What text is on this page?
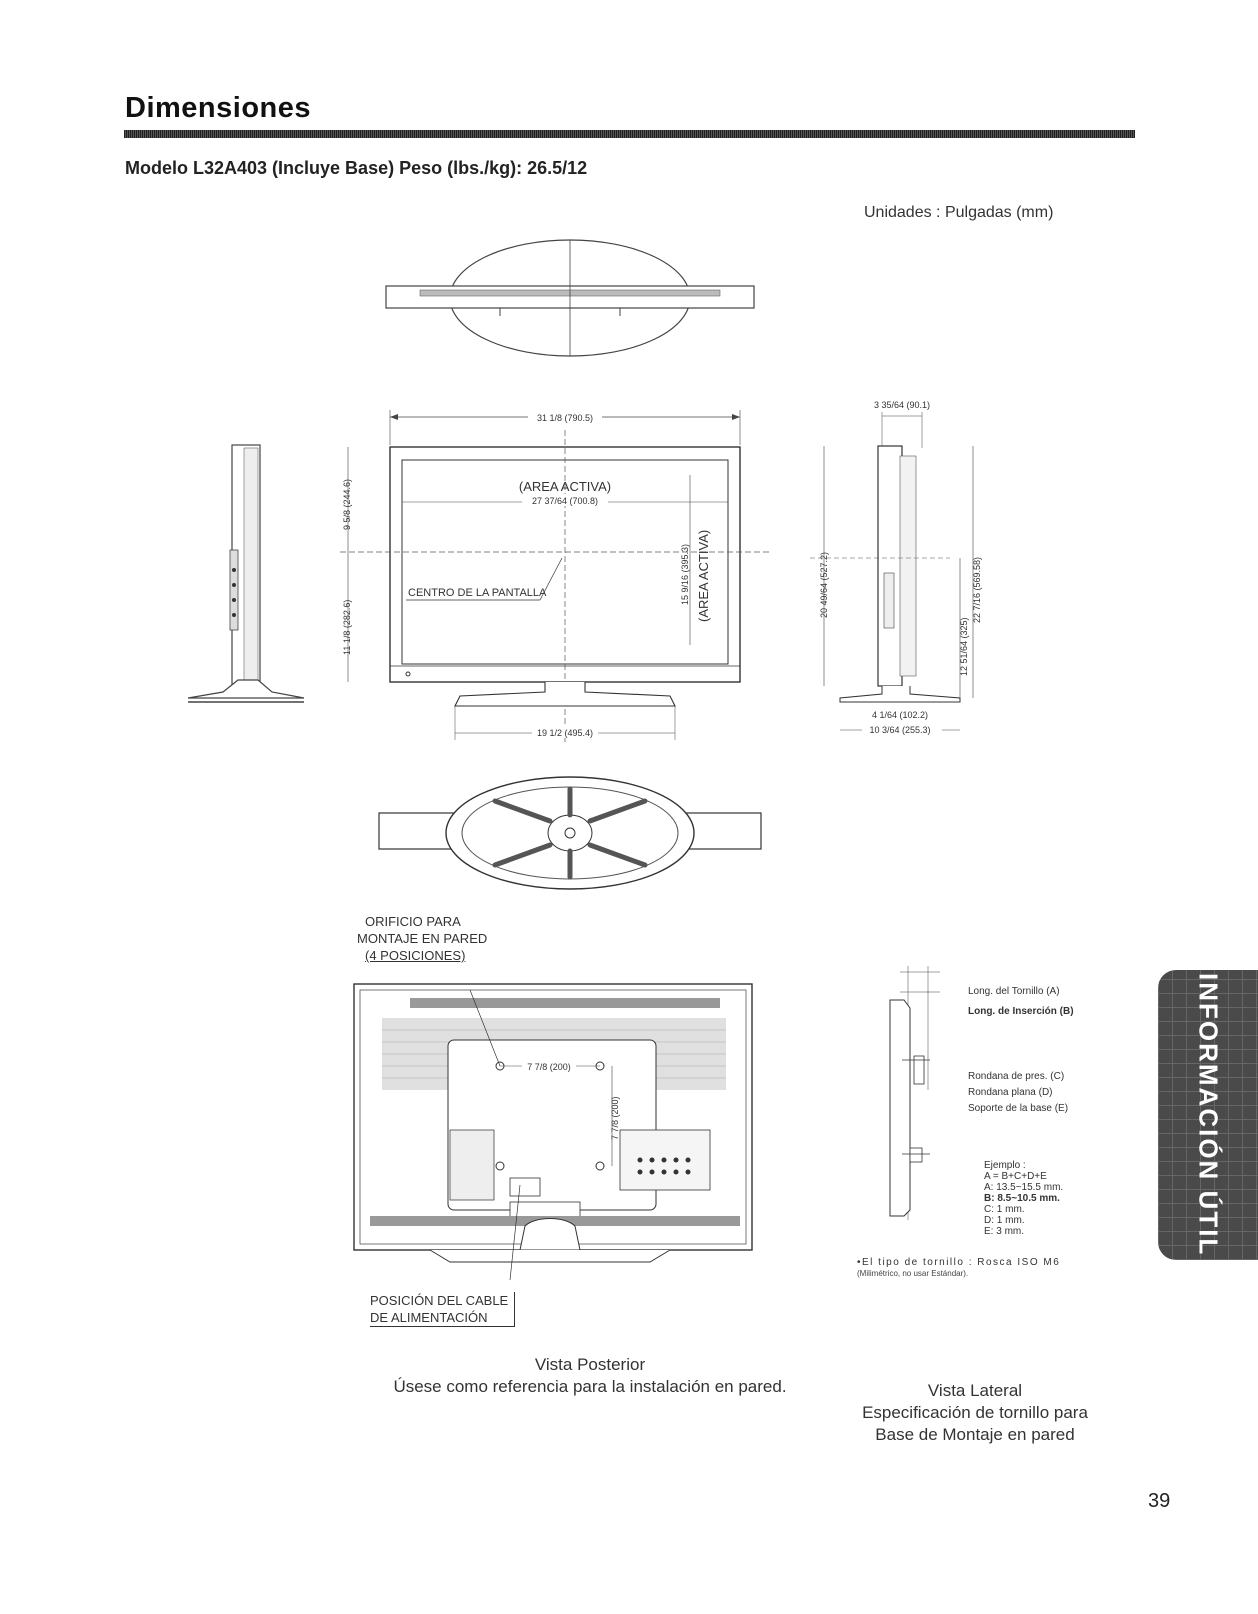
Dimensiones
Modelo L32A403 (Incluye Base) Peso (lbs./kg): 26.5/12
Unidades : Pulgadas (mm)
31 1/8 (790.5)
(AREA ACTIVA)
27 37/64 (700.8)
15 9/16 (395.3) (AREA ACTIVA)
CENTRO DE LA PANTALLA
9 5/8 (244.6)
11 1/8 (282.6)
19 1/2 (495.4)
3 35/64 (90.1)
20 49/64 (527.2)	22 7/16 (569.58)
12 51/64 (325)
4 1/64 (102.2)
10 3/64 (255.3)
ORIFICIO PARA
MONTAJE EN PARED
(4 POSICIONES)
7 7/8 (200)
7 7/8 (200)
POSICIÓN DEL CABLE
DE ALIMENTACIÓN
Vista Posterior
Úsese como referencia para la instalación en pared.
Long. del Tornillo (A)
Long. de Inserción (B)
Rondana de pres. (C)
Rondana plana (D)
Soporte de la base (E)
Ejemplo :
A = B+C+D+E
A: 13.5~15.5 mm.
B: 8.5~10.5 mm.
C: 1 mm.
D: 1 mm.
E: 3 mm.
•El tipo de tornillo : Rosca ISO M6
(Milimétrico, no usar Estándar).
Vista Lateral
Especificación de tornillo para
Base de Montaje en pared
INFORMACIÓN ÚTIL
39
